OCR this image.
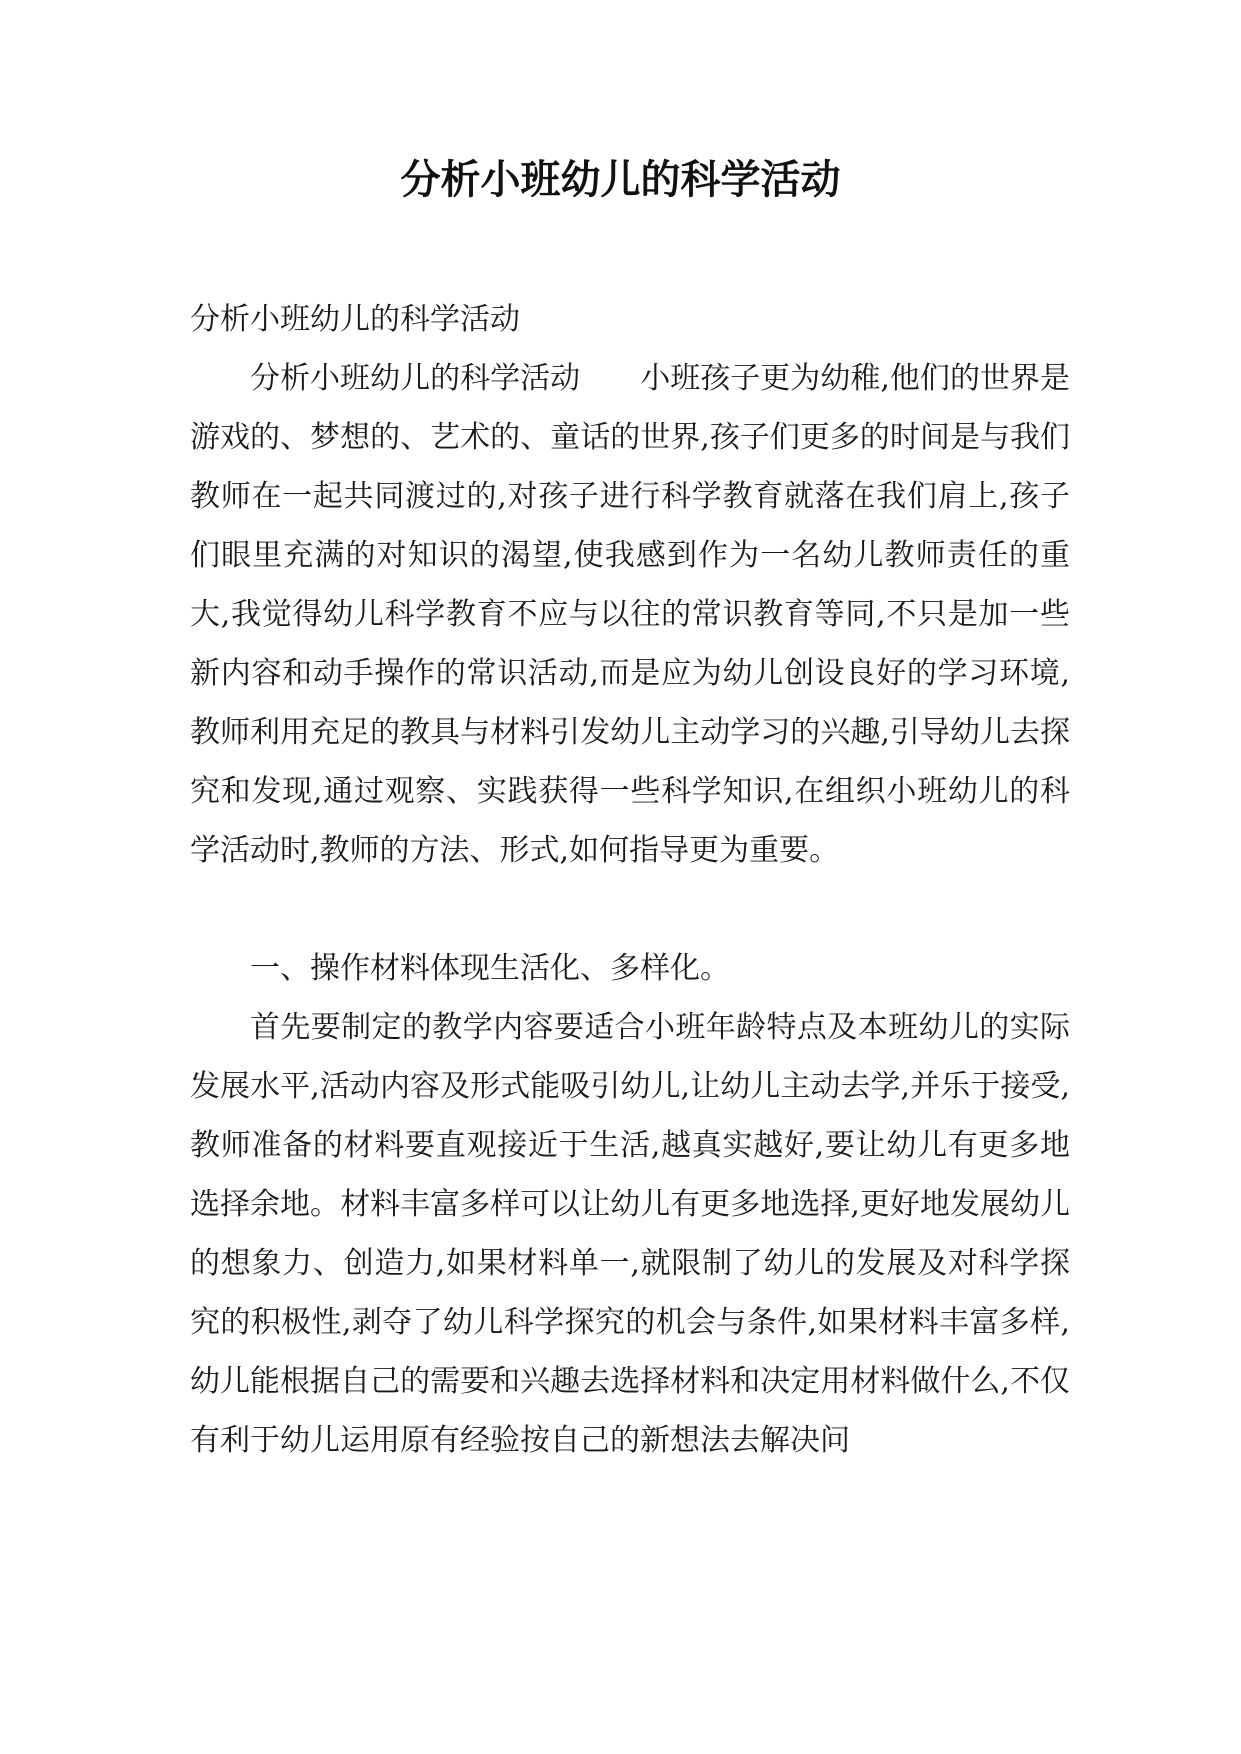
分析小班幼儿的科学活动

分析小班幼儿的科学活动

分析小班幼儿的科学活动　　小班孩子更为幼稚,他们的世界是游戏的、梦想的、艺术的、童话的世界,孩子们更多的时间是与我们教师在一起共同渡过的,对孩子进行科学教育就落在我们肩上,孩子们眼里充满的对知识的渴望,使我感到作为一名幼儿教师责任的重大,我觉得幼儿科学教育不应与以往的常识教育等同,不只是加一些新内容和动手操作的常识活动,而是应为幼儿创设良好的学习环境,教师利用充足的教具与材料引发幼儿主动学习的兴趣,引导幼儿去探究和发现,通过观察、实践获得一些科学知识,在组织小班幼儿的科学活动时,教师的方法、形式,如何指导更为重要。

一、操作材料体现生活化、多样化。

首先要制定的教学内容要适合小班年龄特点及本班幼儿的实际发展水平,活动内容及形式能吸引幼儿,让幼儿主动去学,并乐于接受,教师准备的材料要直观接近于生活,越真实越好,要让幼儿有更多地选择余地。材料丰富多样可以让幼儿有更多地选择,更好地发展幼儿的想象力、创造力,如果材料单一,就限制了幼儿的发展及对科学探究的积极性,剥夺了幼儿科学探究的机会与条件,如果材料丰富多样,幼儿能根据自己的需要和兴趣去选择材料和决定用材料做什么,不仅有利于幼儿运用原有经验按自己的新想法去解决问
